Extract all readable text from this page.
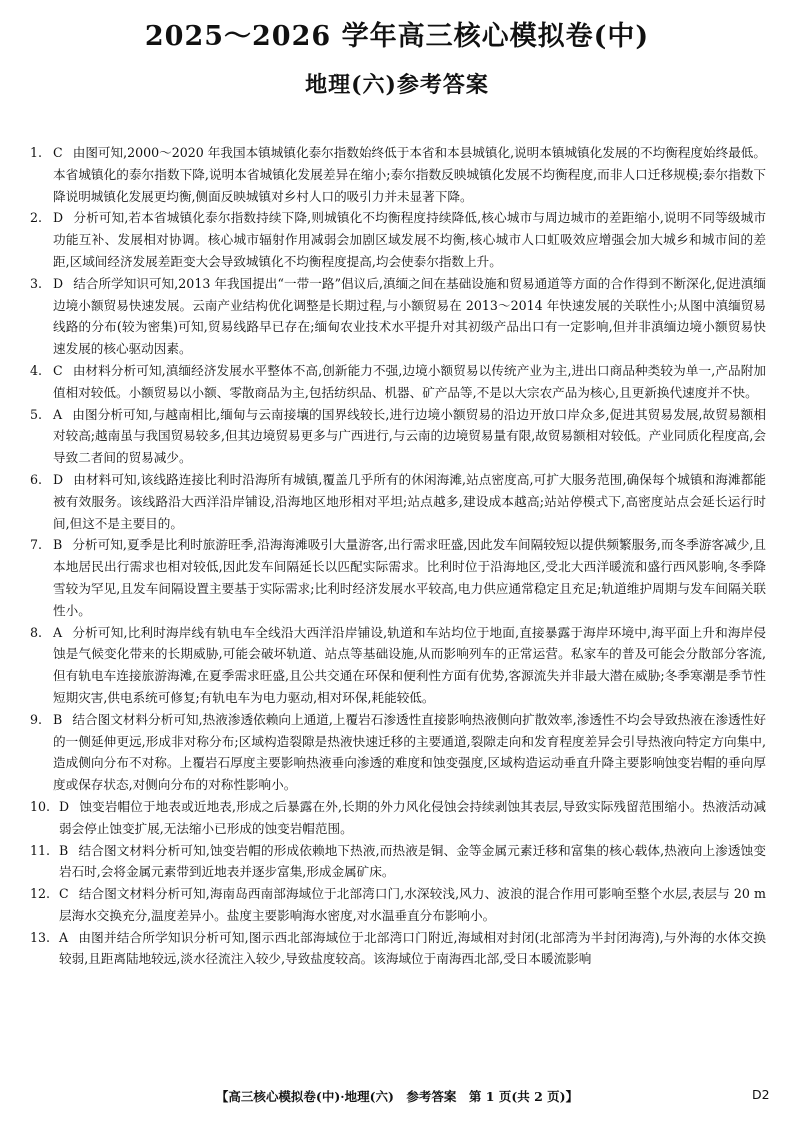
2025～2026 学年高三核心模拟卷(中)
地理(六)参考答案
1. C 由图可知,2000～2020 年我国本镇城镇化泰尔指数始终低于本省和本县城镇化,说明本镇城镇化发展的不均衡程度始终最低。本省城镇化的泰尔指数下降,说明本省城镇化发展差异在缩小;泰尔指数反映城镇化发展不均衡程度,而非人口迁移规模;泰尔指数下降说明城镇化发展更均衡,侧面反映城镇对乡村人口的吸引力并未显著下降。
2. D 分析可知,若本省城镇化泰尔指数持续下降,则城镇化不均衡程度持续降低,核心城市与周边城市的差距缩小,说明不同等级城市功能互补、发展相对协调。核心城市辐射作用减弱会加剧区域发展不均衡,核心城市人口虹吸效应增强会加大城乡和城市间的差距,区域间经济发展差距变大会导致城镇化不均衡程度提高,均会使泰尔指数上升。
3. D 结合所学知识可知,2013 年我国提出“一带一路”倡议后,滇缅之间在基础设施和贸易通道等方面的合作得到不断深化,促进滇缅边境小额贸易快速发展。云南产业结构优化调整是长期过程,与小额贸易在 2013～2014 年快速发展的关联性小;从图中滇缅贸易线路的分布(较为密集)可知,贸易线路早已存在;缅甸农业技术水平提升对其初级产品出口有一定影响,但并非滇缅边境小额贸易快速发展的核心驱动因素。
4. C 由材料分析可知,滇缅经济发展水平整体不高,创新能力不强,边境小额贸易以传统产业为主,进出口商品种类较为单一,产品附加值相对较低。小额贸易以小额、零散商品为主,包括纺织品、机器、矿产品等,不是以大宗农产品为核心,且更新换代速度并不快。
5. A 由图分析可知,与越南相比,缅甸与云南接壤的国界线较长,进行边境小额贸易的沿边开放口岸众多,促进其贸易发展,故贸易额相对较高;越南虽与我国贸易较多,但其边境贸易更多与广西进行,与云南的边境贸易量有限,故贸易额相对较低。产业同质化程度高,会导致二者间的贸易减少。
6. D 由材料可知,该线路连接比利时沿海所有城镇,覆盖几乎所有的休闲海滩,站点密度高,可扩大服务范围,确保每个城镇和海滩都能被有效服务。该线路沿大西洋沿岸铺设,沿海地区地形相对平坦;站点越多,建设成本越高;站站停模式下,高密度站点会延长运行时间,但这不是主要目的。
7. B 分析可知,夏季是比利时旅游旺季,沿海海滩吸引大量游客,出行需求旺盛,因此发车间隔较短以提供频繁服务,而冬季游客减少,且本地居民出行需求也相对较低,因此发车间隔延长以匹配实际需求。比利时位于沿海地区,受北大西洋暖流和盛行西风影响,冬季降雪较为罕见,且发车间隔设置主要基于实际需求;比利时经济发展水平较高,电力供应通常稳定且充足;轨道维护周期与发车间隔关联性小。
8. A 分析可知,比利时海岸线有轨电车全线沿大西洋沿岸铺设,轨道和车站均位于地面,直接暴露于海岸环境中,海平面上升和海岸侵蚀是气候变化带来的长期威胁,可能会破坏轨道、站点等基础设施,从而影响列车的正常运营。私家车的普及可能会分散部分客流,但有轨电车连接旅游海滩,在夏季需求旺盛,且公共交通在环保和便利性方面有优势,客源流失并非最大潜在威胁;冬季寒潮是季节性短期灾害,供电系统可修复;有轨电车为电力驱动,相对环保,耗能较低。
9. B 结合图文材料分析可知,热液渗透依赖向上通道,上覆岩石渗透性直接影响热液侧向扩散效率,渗透性不均会导致热液在渗透性好的一侧延伸更远,形成非对称分布;区域构造裂隙是热液快速迁移的主要通道,裂隙走向和发育程度差异会引导热液向特定方向集中,造成侧向分布不对称。上覆岩石厚度主要影响热液垂向渗透的难度和蚀变强度,区域构造运动垂直升降主要影响蚀变岩帽的垂向厚度或保存状态,对侧向分布的对称性影响小。
10. D 蚀变岩帽位于地表或近地表,形成之后暴露在外,长期的外力风化侵蚀会持续剥蚀其表层,导致实际残留范围缩小。热液活动减弱会停止蚀变扩展,无法缩小已形成的蚀变岩帽范围。
11. B 结合图文材料分析可知,蚀变岩帽的形成依赖地下热液,而热液是铜、金等金属元素迁移和富集的核心载体,热液向上渗透蚀变岩石时,会将金属元素带到近地表并逐步富集,形成金属矿床。
12. C 结合图文材料分析可知,海南岛西南部海域位于北部湾口门,水深较浅,风力、波浪的混合作用可影响至整个水层,表层与 20 m 层海水交换充分,温度差异小。盐度主要影响海水密度,对水温垂直分布影响小。
13. A 由图并结合所学知识分析可知,图示西北部海域位于北部湾口门附近,海域相对封闭(北部湾为半封闭海湾),与外海的水体交换较弱,且距离陆地较远,淡水径流注入较少,导致盐度较高。该海域位于南海西北部,受日本暖流影响
【高三核心模拟卷(中)·地理(六)　参考答案　第 1 页(共 2 页)】	D2
